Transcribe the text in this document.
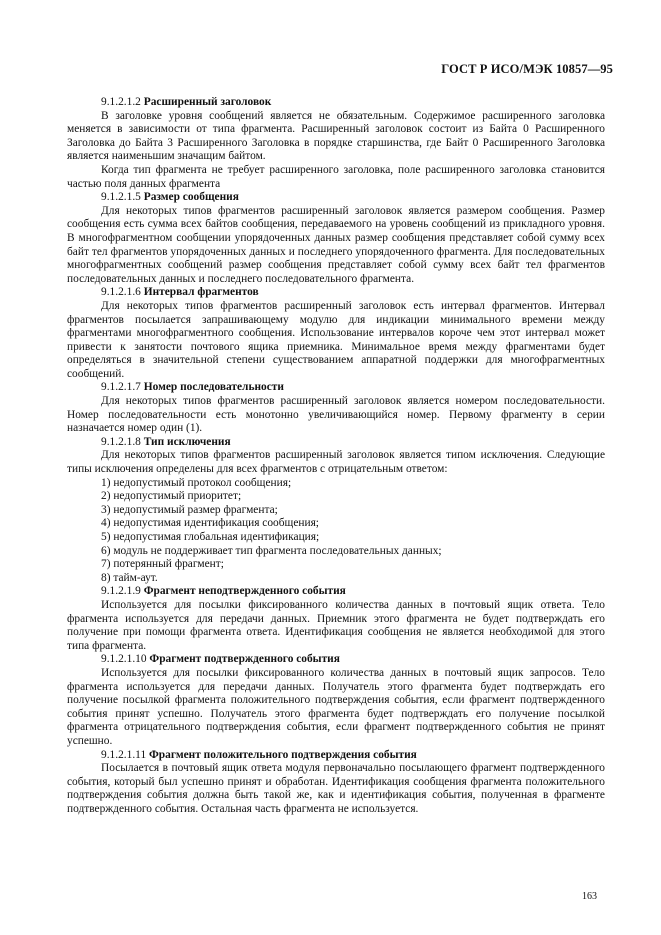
ГОСТ Р ИСО/МЭК 10857—95

9.1.2.1.2 Расширенный заголовок

В заголовке уровня сообщений является не обязательным. Содержимое расширенного заголовка меняется в зависимости от типа фрагмента. Расширенный заголовок состоит из Байта 0 Расширенного Заголовка до Байта 3 Расширенного Заголовка в порядке старшинства, где Байт 0 Расширенного Заголовка является наименьшим значащим байтом.

Когда тип фрагмента не требует расширенного заголовка, поле расширенного заголовка становится частью поля данных фрагмента

9.1.2.1.5 Размер сообщения

Для некоторых типов фрагментов расширенный заголовок является размером сообщения. Размер сообщения есть сумма всех байтов сообщения, передаваемого на уровень сообщений из прикладного уровня. В многофрагментном сообщении упорядоченных данных размер сообщения представляет собой сумму всех байт тел фрагментов упорядоченных данных и последнего упорядоченного фрагмента. Для последовательных многофрагментных сообщений размер сообщения представляет собой сумму всех байт тел фрагментов последовательных данных и последнего последовательного фрагмента.

9.1.2.1.6 Интервал фрагментов

Для некоторых типов фрагментов расширенный заголовок есть интервал фрагментов. Интервал фрагментов посылается запрашивающему модулю для индикации минимального времени между фрагментами многофрагментного сообщения. Использование интервалов короче чем этот интервал может привести к занятости почтового ящика приемника. Минимальное время между фрагментами будет определяться в значительной степени существованием аппаратной поддержки для многофрагментных сообщений.

9.1.2.1.7 Номер последовательности

Для некоторых типов фрагментов расширенный заголовок является номером последовательности. Номер последовательности есть монотонно увеличивающийся номер. Первому фрагменту в серии назначается номер один (1).

9.1.2.1.8 Тип исключения

Для некоторых типов фрагментов расширенный заголовок является типом исключения. Следующие типы исключения определены для всех фрагментов с отрицательным ответом:

1) недопустимый протокол сообщения;

2) недопустимый приоритет;

3) недопустимый размер фрагмента;

4) недопустимая идентификация сообщения;

5) недопустимая глобальная идентификация;

6) модуль не поддерживает тип фрагмента последовательных данных;

7) потерянный фрагмент;

8) тайм-аут.

9.1.2.1.9 Фрагмент неподтвержденного события

Используется для посылки фиксированного количества данных в почтовый ящик ответа. Тело фрагмента используется для передачи данных. Приемник этого фрагмента не будет подтверждать его получение при помощи фрагмента ответа. Идентификация сообщения не является необходимой для этого типа фрагмента.

9.1.2.1.10 Фрагмент подтвержденного события

Используется для посылки фиксированного количества данных в почтовый ящик запросов. Тело фрагмента используется для передачи данных. Получатель этого фрагмента будет подтверждать его получение посылкой фрагмента положительного подтверждения события, если фрагмент подтвержденного события принят успешно. Получатель этого фрагмента будет подтверждать его получение посылкой фрагмента отрицательного подтверждения события, если фрагмент подтвержденного события не принят успешно.

9.1.2.1.11 Фрагмент положительного подтверждения события

Посылается в почтовый ящик ответа модуля первоначально посылающего фрагмент подтвержденного события, который был успешно принят и обработан. Идентификация сообщения фрагмента положительного подтверждения события должна быть такой же, как и идентификация события, полученная в фрагменте подтвержденного события. Остальная часть фрагмента не используется.

163
